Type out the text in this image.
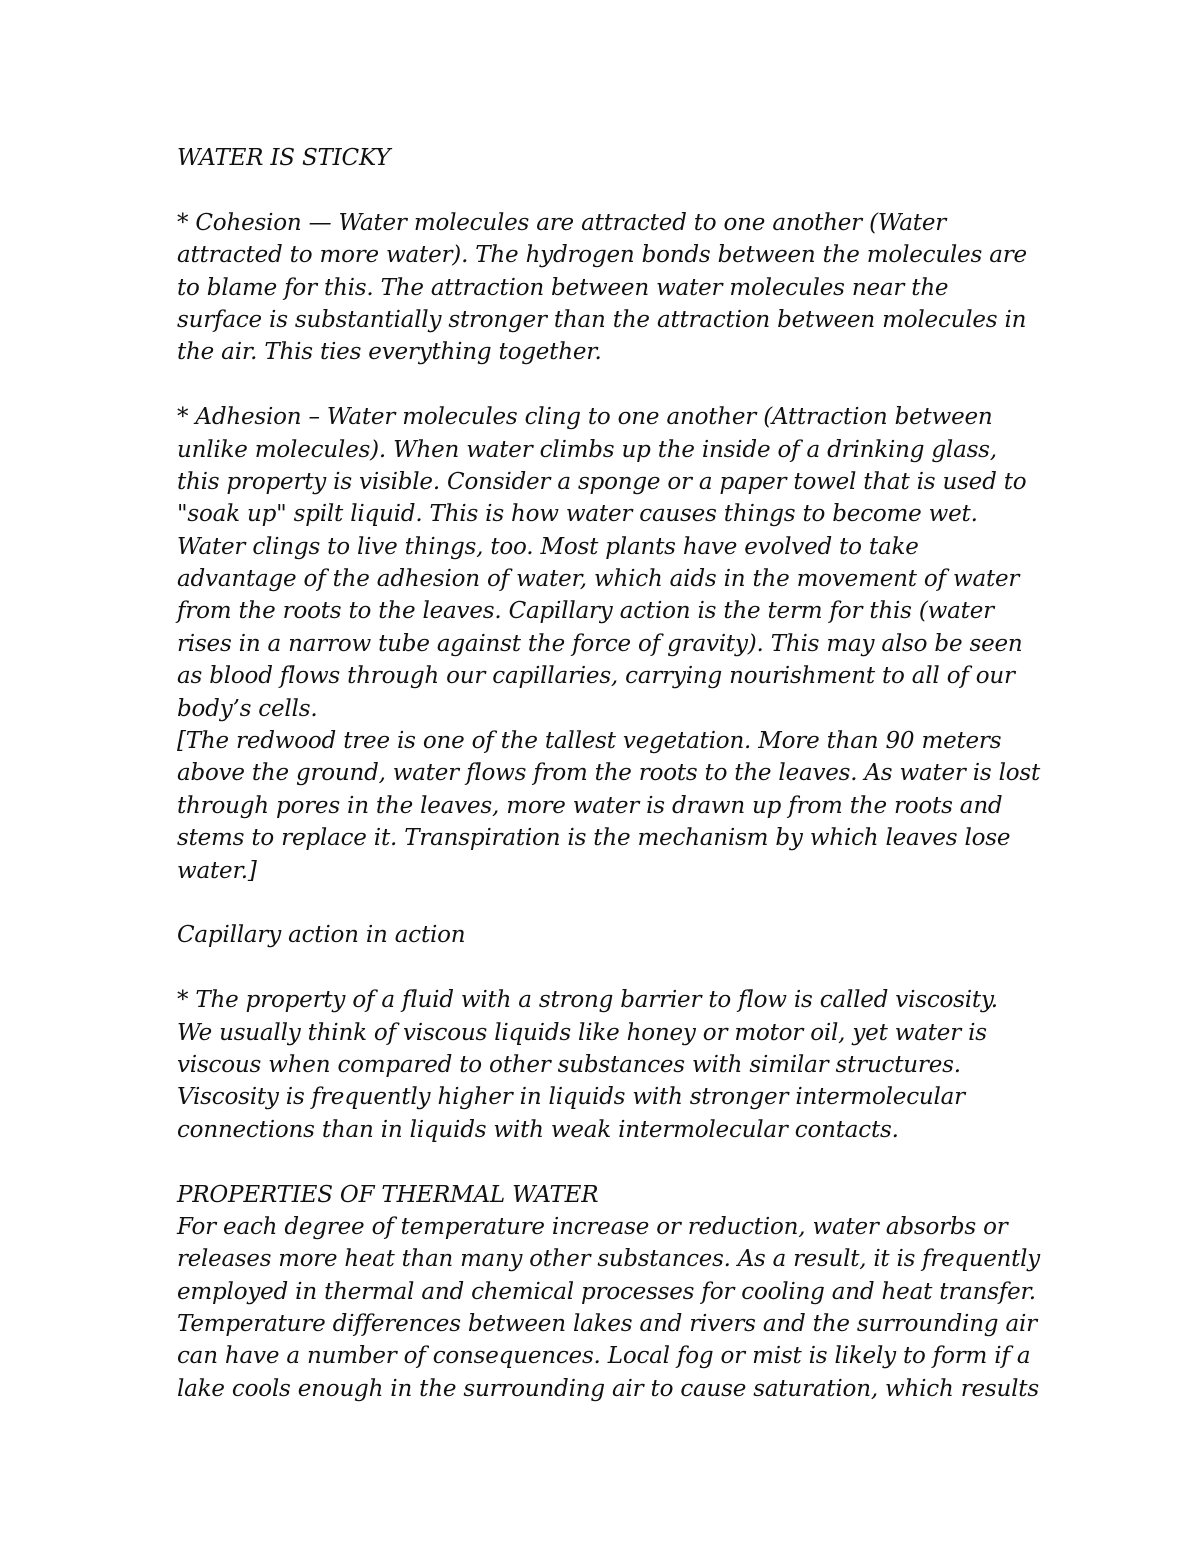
WATER IS STICKY
* Cohesion — Water molecules are attracted to one another (Water
attracted to more water). The hydrogen bonds between the molecules are
to blame for this. The attraction between water molecules near the
surface is substantially stronger than the attraction between molecules in
the air. This ties everything together.
* Adhesion – Water molecules cling to one another (Attraction between
unlike molecules). When water climbs up the inside of a drinking glass,
this property is visible. Consider a sponge or a paper towel that is used to
"soak up" spilt liquid. This is how water causes things to become wet.
Water clings to live things, too. Most plants have evolved to take
advantage of the adhesion of water, which aids in the movement of water
from the roots to the leaves. Capillary action is the term for this (water
rises in a narrow tube against the force of gravity). This may also be seen
as blood flows through our capillaries, carrying nourishment to all of our
body’s cells.
[The redwood tree is one of the tallest vegetation. More than 90 meters
above the ground, water flows from the roots to the leaves. As water is lost
through pores in the leaves, more water is drawn up from the roots and
stems to replace it. Transpiration is the mechanism by which leaves lose
water.]
Capillary action in action
* The property of a fluid with a strong barrier to flow is called viscosity.
We usually think of viscous liquids like honey or motor oil, yet water is
viscous when compared to other substances with similar structures.
Viscosity is frequently higher in liquids with stronger intermolecular
connections than in liquids with weak intermolecular contacts.
PROPERTIES OF THERMAL WATER
For each degree of temperature increase or reduction, water absorbs or
releases more heat than many other substances. As a result, it is frequently
employed in thermal and chemical processes for cooling and heat transfer.
Temperature differences between lakes and rivers and the surrounding air
can have a number of consequences. Local fog or mist is likely to form if a
lake cools enough in the surrounding air to cause saturation, which results
